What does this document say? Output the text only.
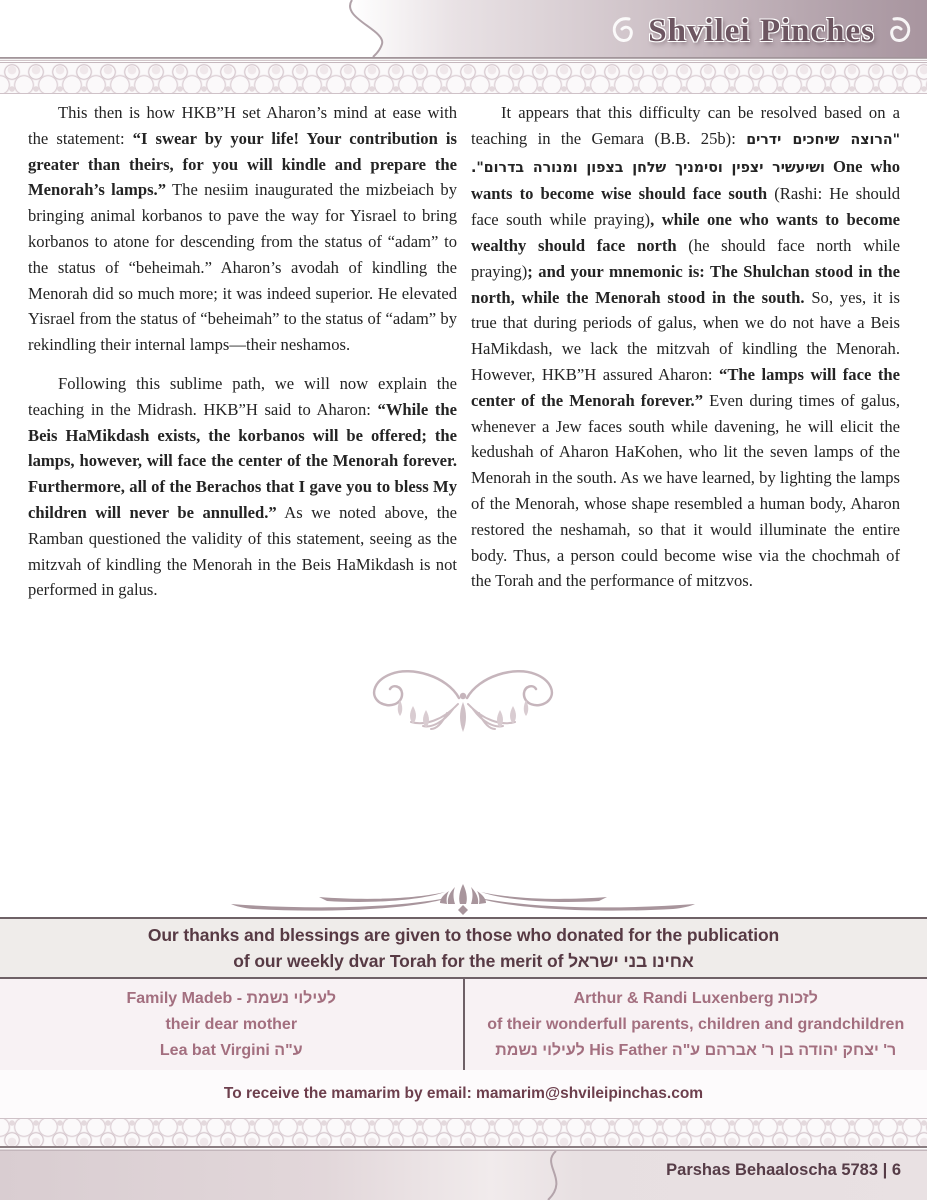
Shvilei Pinches

This then is how HKB”H set Aharon’s mind at ease with the statement: “I swear by your life! Your contribution is greater than theirs, for you will kindle and prepare the Menorah’s lamps.” The nesiim inaugurated the mizbeiach by bringing animal korbanos to pave the way for Yisrael to bring korbanos to atone for descending from the status of “adam” to the status of “beheimah.” Aharon’s avodah of kindling the Menorah did so much more; it was indeed superior. He elevated Yisrael from the status of “beheimah” to the status of “adam” by rekindling their internal lamps—their neshamos.

Following this sublime path, we will now explain the teaching in the Midrash. HKB”H said to Aharon: “While the Beis HaMikdash exists, the korbanos will be offered; the lamps, however, will face the center of the Menorah forever. Furthermore, all of the Berachos that I gave you to bless My children will never be annulled.” As we noted above, the Ramban questioned the validity of this statement, seeing as the mitzvah of kindling the Menorah in the Beis HaMikdash is not performed in galus.

It appears that this difficulty can be resolved based on a teaching in the Gemara (B.B. 25b): "הרוצה שיחכים ידרים ושיעשיר יצפין וסימניך שלחן בצפון ומנורה בדרום". One who wants to become wise should face south (Rashi: He should face south while praying), while one who wants to become wealthy should face north (he should face north while praying); and your mnemonic is: The Shulchan stood in the north, while the Menorah stood in the south. So, yes, it is true that during periods of galus, when we do not have a Beis HaMikdash, we lack the mitzvah of kindling the Menorah. However, HKB”H assured Aharon: “The lamps will face the center of the Menorah forever.” Even during times of galus, whenever a Jew faces south while davening, he will elicit the kedushah of Aharon HaKohen, who lit the seven lamps of the Menorah in the south. As we have learned, by lighting the lamps of the Menorah, whose shape resembled a human body, Aharon restored the neshamah, so that it would illuminate the entire body. Thus, a person could become wise via the chochmah of the Torah and the performance of mitzvos.

Our thanks and blessings are given to those who donated for the publication
of our weekly dvar Torah for the merit of אחינו בני ישראל
Family Madeb - לעילוי נשמת
their dear mother
Lea bat Virgini ע"ה
Arthur & Randi Luxenberg לזכות
of their wonderfull parents, children and grandchildren
לעילוי נשמת His Father ר' יצחק יהודה בן ר' אברהם ע"ה
To receive the mamarim by email: mamarim@shvileipinchas.com
Parshas Behaaloscha 5783 | 6
